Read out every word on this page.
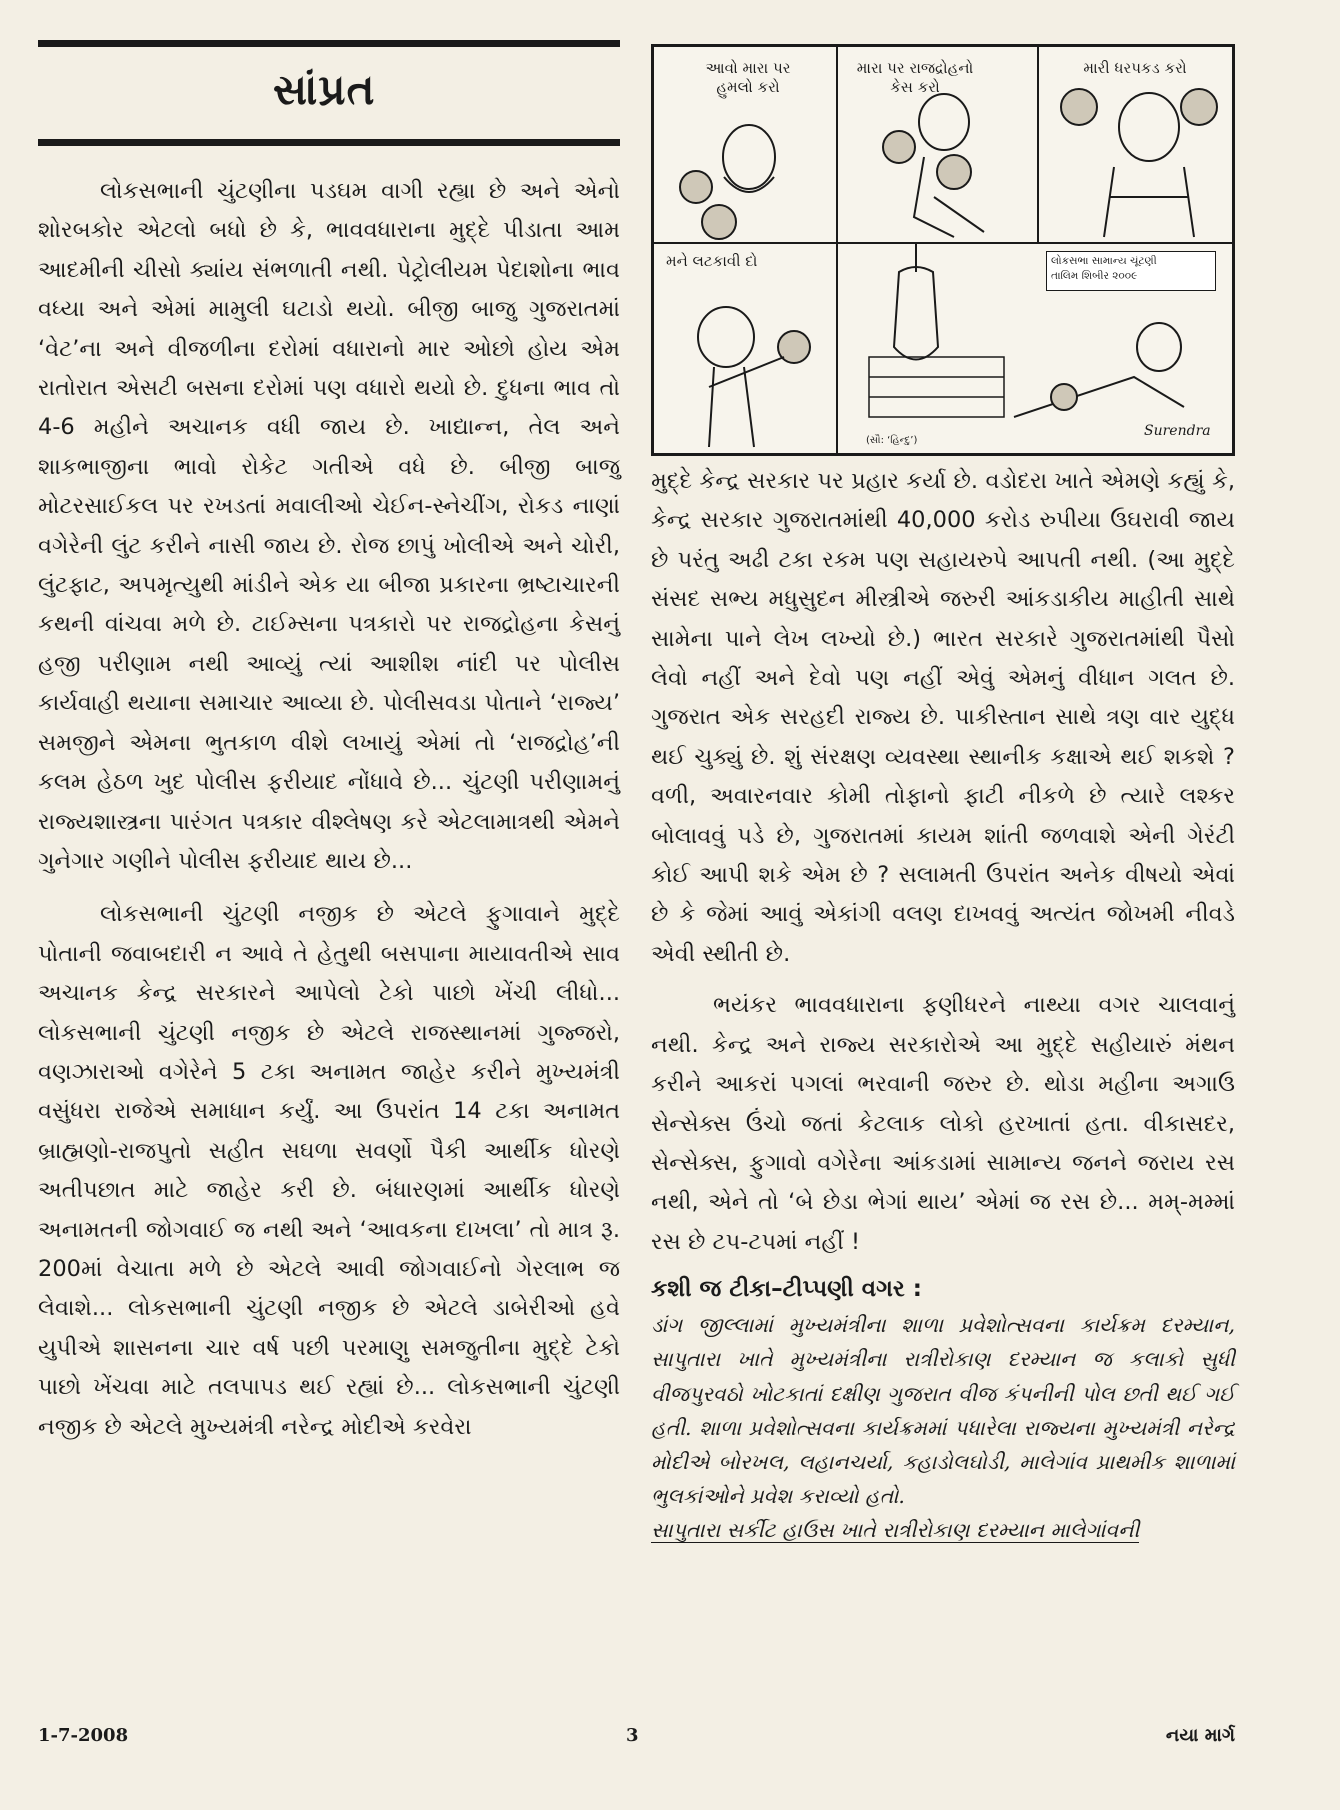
સાંપ્રત

લોકસભાની ચુંટણીના પડઘમ વાગી રહ્યા છે અને એનો શોરબકોર એટલો બધો છે કે, ભાવવધારાના મુદ્દે પીડાતા આમ આદમીની ચીસો ક્યાંય સંભળાતી નથી. પેટ્રોલીયમ પેદાશોના ભાવ વધ્યા અને એમાં મામુલી ઘટાડો થયો. બીજી બાજુ ગુજરાતમાં ‘વેટ’ના અને વીજળીના દરોમાં વધારાનો માર ઓછો હોય એમ રાતોરાત એસટી બસના દરોમાં પણ વધારો થયો છે. દુધના ભાવ તો 4-6 મહીને અચાનક વધી જાય છે. ખાદ્યાન્ન, તેલ અને શાકભાજીના ભાવો રોકેટ ગતીએ વધે છે. બીજી બાજુ મોટરસાઈકલ પર રખડતાં મવાલીઓ ચેઈન-સ્નેચીંગ, રોકડ નાણાં વગેરેની લુંટ કરીને નાસી જાય છે. રોજ છાપું ખોલીએ અને ચોરી, લુંટફાટ, અપમૃત્યુથી માંડીને એક યા બીજા પ્રકારના ભ્રષ્ટાચારની કથની વાંચવા મળે છે. ટાઈમ્સના પત્રકારો પર રાજદ્રોહના કેસનું હજી પરીણામ નથી આવ્યું ત્યાં આશીશ નાંદી પર પોલીસ કાર્યવાહી થયાના સમાચાર આવ્યા છે. પોલીસવડા પોતાને ‘રાજ્ય’ સમજીને એમના ભુતકાળ વીશે લખાયું એમાં તો ‘રાજદ્રોહ’ની કલમ હેઠળ ખુદ પોલીસ ફરીયાદ નોંધાવે છે... ચુંટણી પરીણામનું રાજ્યશાસ્ત્રના પારંગત પત્રકાર વીશ્લેષણ કરે એટલામાત્રથી એમને ગુનેગાર ગણીને પોલીસ ફરીયાદ થાય છે...

લોકસભાની ચુંટણી નજીક છે એટલે ફુગાવાને મુદ્દે પોતાની જવાબદારી ન આવે તે હેતુથી બસપાના માયાવતીએ સાવ અચાનક કેન્દ્ર સરકારને આપેલો ટેકો પાછો ખેંચી લીધો... લોકસભાની ચુંટણી નજીક છે એટલે રાજસ્થાનમાં ગુજ્જરો, વણઝારાઓ વગેરેને 5 ટકા અનામત જાહેર કરીને મુખ્યમંત્રી વસુંધરા રાજેએ સમાધાન કર્યું. આ ઉપરાંત 14 ટકા અનામત બ્રાહ્મણો-રાજપુતો સહીત સઘળા સવર્ણો પૈકી આર્થીક ધોરણે અતીપછાત માટે જાહેર કરી છે. બંધારણમાં આર્થીક ધોરણે અનામતની જોગવાઈ જ નથી અને ‘આવકના દાખલા’ તો માત્ર રૂ. 200માં વેચાતા મળે છે એટલે આવી જોગવાઈનો ગેરલાભ જ લેવાશે... લોકસભાની ચુંટણી નજીક છે એટલે ડાબેરીઓ હવે યુપીએ શાસનના ચાર વર્ષ પછી પરમાણુ સમજુતીના મુદ્દે ટેકો પાછો ખેંચવા માટે તલપાપડ થઈ રહ્યાં છે... લોકસભાની ચુંટણી નજીક છે એટલે મુખ્યમંત્રી નરેન્દ્ર મોદીએ કરવેરા

આવો મારા પર
હુમલો કરો
મારા પર રાજદ્રોહનો
કેસ કરો
મારી ધરપકડ કરો
મને લટકાવી દો	લોકસભા સામાન્ય ચૂંટણી
તાલિમ શિબીર ૨૦૦૯
(સૌ: ‘હિન્દુ’)
Surendra

મુદ્દે કેન્દ્ર સરકાર પર પ્રહાર કર્યા છે. વડોદરા ખાતે એમણે કહ્યું કે, કેન્દ્ર સરકાર ગુજરાતમાંથી 40,000 કરોડ રુપીયા ઉઘરાવી જાય છે પરંતુ અઢી ટકા રકમ પણ સહાયરુપે આપતી નથી. (આ મુદ્દે સંસદ સભ્ય મધુસુદન મીસ્ત્રીએ જરુરી આંકડાકીય માહીતી સાથે સામેના પાને લેખ લખ્યો છે.) ભારત સરકારે ગુજરાતમાંથી પૈસો લેવો નહીં અને દેવો પણ નહીં એવું એમનું વીધાન ગલત છે. ગુજરાત એક સરહદી રાજ્ય છે. પાકીસ્તાન સાથે ત્રણ વાર યુદ્ધ થઈ ચુક્યું છે. શું સંરક્ષણ વ્યવસ્થા સ્થાનીક કક્ષાએ થઈ શકશે ? વળી, અવારનવાર કોમી તોફાનો ફાટી નીકળે છે ત્યારે લશ્કર બોલાવવું પડે છે, ગુજરાતમાં કાયમ શાંતી જળવાશે એની ગેરંટી કોઈ આપી શકે એમ છે ? સલામતી ઉપરાંત અનેક વીષયો એવાં છે કે જેમાં આવું એકાંગી વલણ દાખવવું અત્યંત જોખમી નીવડે એવી સ્થીતી છે.

ભયંકર ભાવવધારાના ફણીધરને નાથ્યા વગર ચાલવાનું નથી. કેન્દ્ર અને રાજ્ય સરકારોએ આ મુદ્દે સહીયારું મંથન કરીને આકરાં પગલાં ભરવાની જરુર છે. થોડા મહીના અગાઉ સેન્સેક્સ ઉંચો જતાં કેટલાક લોકો હરખાતાં હતા. વીકાસદર, સેન્સેક્સ, ફુગાવો વગેરેના આંકડામાં સામાન્ય જનને જરાય રસ નથી, એને તો ‘બે છેડા ભેગાં થાય’ એમાં જ રસ છે... મમ્-મમ્માં રસ છે ટપ-ટપમાં નહીં !

કશી જ ટીકા–ટીપ્પણી વગર :

ડાંગ જીલ્લામાં મુખ્યમંત્રીના શાળા પ્રવેશોત્સવના કાર્યક્રમ દરમ્યાન, સાપુતારા ખાતે મુખ્યમંત્રીના રાત્રીરોકાણ દરમ્યાન જ કલાકો સુધી વીજપુરવઠો ખોટકાતાં દક્ષીણ ગુજરાત વીજ કંપનીની પોલ છતી થઈ ગઈ હતી. શાળા પ્રવેશોત્સવના કાર્યક્રમમાં પધારેલા રાજ્યના મુખ્યમંત્રી નરેન્દ્ર મોદીએ બોરખલ, લહાનચર્યા, કહાડોલઘોડી, માલેગાંવ પ્રાથમીક શાળામાં ભુલકાંઓને પ્રવેશ કરાવ્યો હતો.

સાપુતારા સર્કીટ હાઉસ ખાતે રાત્રીરોકાણ દરમ્યાન માલેગાંવની

1-7-2008	3	નયા માર્ગ
